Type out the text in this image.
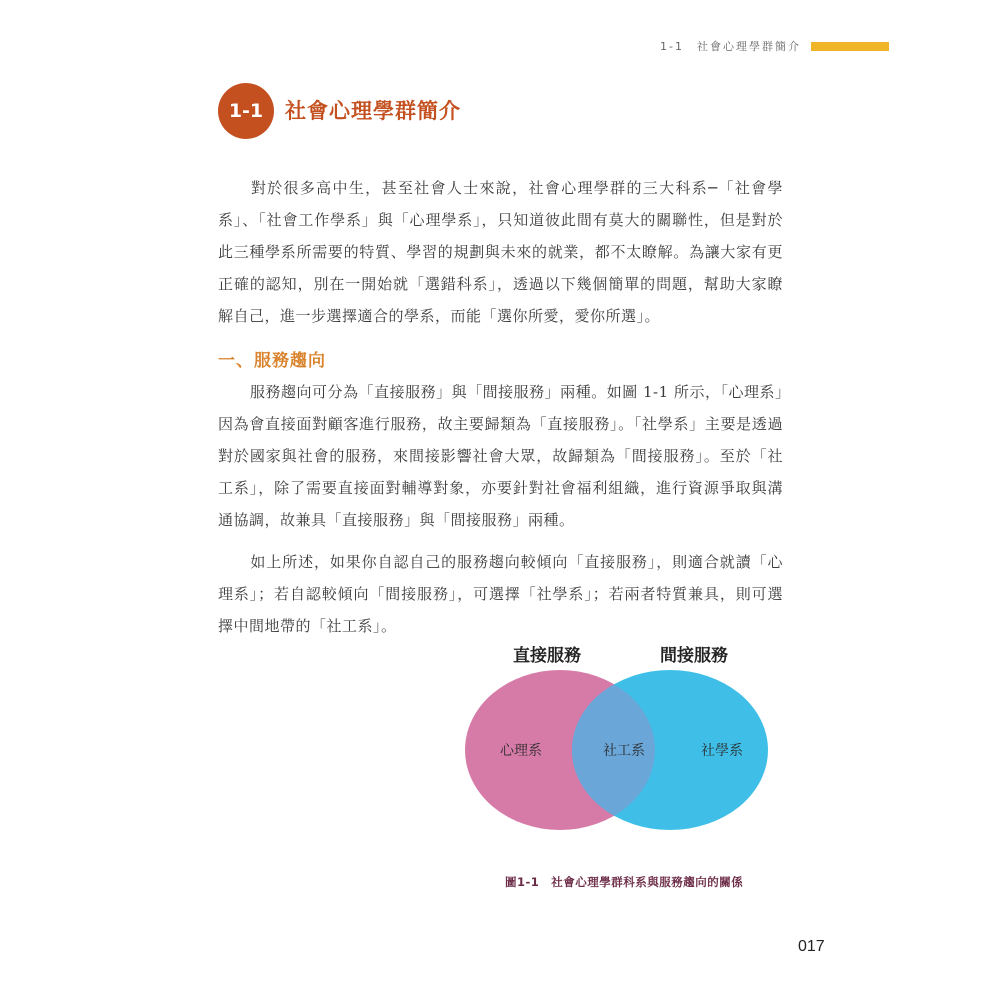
1-1　社會心理學群簡介
1-1	社會心理學群簡介
對於很多高中生，甚至社會人士來說，社會心理學群的三大科系─「社會學系」、「社會工作學系」與「心理學系」，只知道彼此間有莫大的關聯性，但是對於此三種學系所需要的特質、學習的規劃與未來的就業，都不太瞭解。為讓大家有更正確的認知，別在一開始就「選錯科系」，透過以下幾個簡單的問題，幫助大家瞭解自己，進一步選擇適合的學系，而能「選你所愛，愛你所選」。
一、服務趨向
服務趨向可分為「直接服務」與「間接服務」兩種。如圖 1-1 所示，「心理系」因為會直接面對顧客進行服務，故主要歸類為「直接服務」。「社學系」主要是透過對於國家與社會的服務，來間接影響社會大眾，故歸類為「間接服務」。至於「社工系」，除了需要直接面對輔導對象，亦要針對社會福利組織，進行資源爭取與溝通協調，故兼具「直接服務」與「間接服務」兩種。
如上所述，如果你自認自己的服務趨向較傾向「直接服務」，則適合就讀「心理系」；若自認較傾向「間接服務」，可選擇「社學系」；若兩者特質兼具，則可選擇中間地帶的「社工系」。
直接服務	間接服務
心理系	社工系	社學系
圖1-1　社會心理學群科系與服務趨向的關係
017
